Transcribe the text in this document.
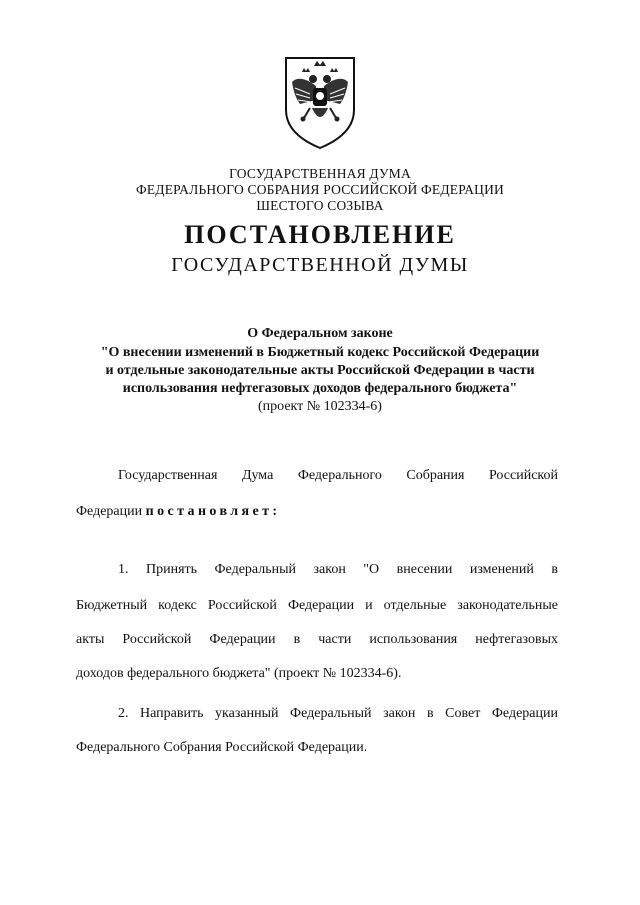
ГОСУДАРСТВЕННАЯ ДУМА
ФЕДЕРАЛЬНОГО СОБРАНИЯ РОССИЙСКОЙ ФЕДЕРАЦИИ
ШЕСТОГО СОЗЫВА
ПОСТАНОВЛЕНИЕ
ГОСУДАРСТВЕННОЙ ДУМЫ
О Федеральном законе
"О внесении изменений в Бюджетный кодекс Российской Федерации
и отдельные законодательные акты Российской Федерации в части
использования нефтегазовых доходов федерального бюджета"
(проект № 102334-6)
Государственная Дума Федерального Собрания Российской
Федерации постановляет:
1. Принять Федеральный закон "О внесении изменений в
Бюджетный кодекс Российской Федерации и отдельные законодательные
акты Российской Федерации в части использования нефтегазовых
доходов федерального бюджета" (проект № 102334-6).
2. Направить указанный Федеральный закон в Совет Федерации
Федерального Собрания Российской Федерации.
